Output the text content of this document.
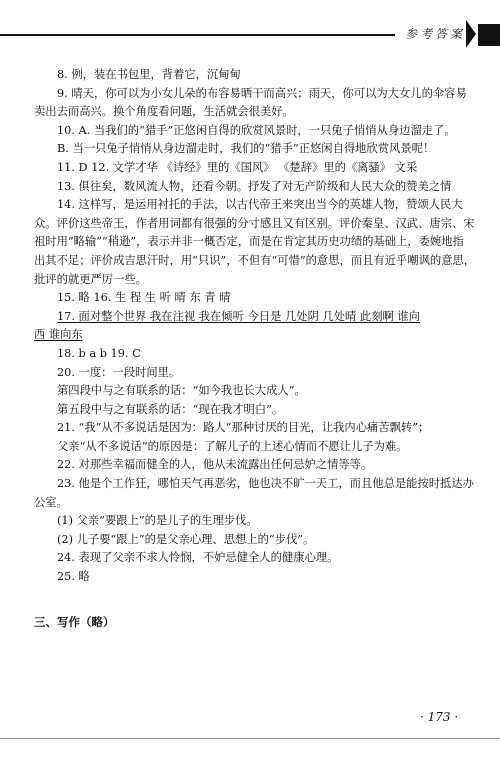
参考答案
8. 例，装在书包里，背着它，沉甸甸
9. 晴天，你可以为小女儿朵的布容易晒干而高兴；雨天，你可以为大女儿的伞容易
卖出去而高兴。换个角度看问题，生活就会很美好。
10. A. 当我们的“猎手”正悠闲自得的欣赏风景时，一只兔子悄悄从身边溜走了。
B. 当一只兔子悄悄从身边溜走时，我们的“猎手”正悠闲自得地欣赏风景呢！
11. D 12. 文学才华 《诗经》里的《国风》 《楚辞》里的《离骚》 文采
13. 俱往矣，数风流人物，还看今朝。抒发了对无产阶级和人民大众的赞美之情
14. 这样写，是运用衬托的手法，以古代帝王来突出当今的英雄人物，赞颂人民大
众。评价这些帝王，作者用词都有很强的分寸感且又有区别。评价秦皇、汉武、唐宗、宋
祖时用“略输”“稍逊”，表示并非一概否定，而是在肯定其历史功绩的基础上，委婉地指
出其不足；评价成吉思汗时，用“只识”，不但有“可惜”的意思，而且有近乎嘲讽的意思，
批评的就更严厉一些。
15. 略 16. 生 程 生 听 晴 东 青 晴
17. 面对整个世界 我在注视 我在倾听 今日是 几处阴 几处晴 此刻啊 谁向
西 谁向东
18. b a b 19. C
20. 一度：一段时间里。
第四段中与之有联系的话：“如今我也长大成人”。
第五段中与之有联系的话：“现在我才明白”。
21. “我”从不多说话是因为：路人“那种讨厌的目光，让我内心痛苦飘转”；
父亲“从不多说话”的原因是：了解儿子的上述心情而不愿让儿子为难。
22. 对那些幸福而健全的人，他从未流露出任何忌妒之情等等。
23. 他是个工作狂，哪怕天气再恶劣，他也决不旷一天工，而且他总是能按时抵达办
公室。
(1) 父亲“要跟上”的是儿子的生理步伐。
(2) 儿子要“跟上”的是父亲心理、思想上的“步伐”。
24. 表现了父亲不求人怜悯，不妒忌健全人的健康心理。
25. 略
三、写作（略）
· 173 ·
